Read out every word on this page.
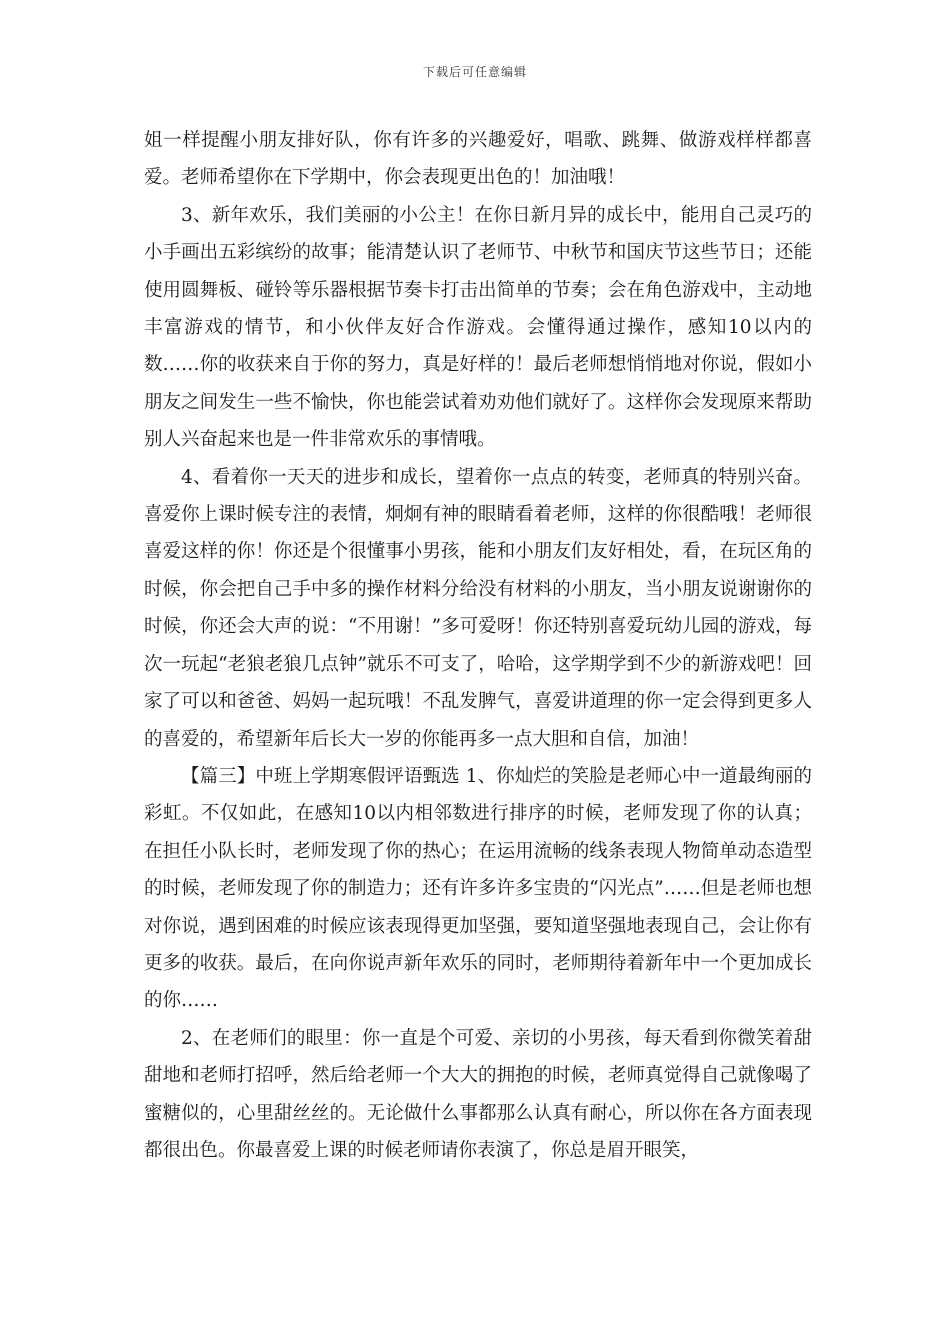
下载后可任意编辑

姐一样提醒小朋友排好队，你有许多的兴趣爱好，唱歌、跳舞、做游戏样样都喜爱。老师希望你在下学期中，你会表现更出色的！加油哦！

3、新年欢乐，我们美丽的小公主！在你日新月异的成长中，能用自己灵巧的小手画出五彩缤纷的故事；能清楚认识了老师节、中秋节和国庆节这些节日；还能使用圆舞板、碰铃等乐器根据节奏卡打击出简单的节奏；会在角色游戏中，主动地丰富游戏的情节，和小伙伴友好合作游戏。会懂得通过操作，感知10以内的数……你的收获来自于你的努力，真是好样的！最后老师想悄悄地对你说，假如小朋友之间发生一些不愉快，你也能尝试着劝劝他们就好了。这样你会发现原来帮助别人兴奋起来也是一件非常欢乐的事情哦。

4、看着你一天天的进步和成长，望着你一点点的转变，老师真的特别兴奋。喜爱你上课时候专注的表情，炯炯有神的眼睛看着老师，这样的你很酷哦！老师很喜爱这样的你！你还是个很懂事小男孩，能和小朋友们友好相处，看，在玩区角的时候，你会把自己手中多的操作材料分给没有材料的小朋友，当小朋友说谢谢你的时候，你还会大声的说：“不用谢！”多可爱呀！你还特别喜爱玩幼儿园的游戏，每次一玩起“老狼老狼几点钟”就乐不可支了，哈哈，这学期学到不少的新游戏吧！回家了可以和爸爸、妈妈一起玩哦！不乱发脾气，喜爱讲道理的你一定会得到更多人的喜爱的，希望新年后长大一岁的你能再多一点大胆和自信，加油！

【篇三】中班上学期寒假评语甄选 1、你灿烂的笑脸是老师心中一道最绚丽的彩虹。不仅如此，在感知10以内相邻数进行排序的时候，老师发现了你的认真；在担任小队长时，老师发现了你的热心；在运用流畅的线条表现人物简单动态造型的时候，老师发现了你的制造力；还有许多许多宝贵的“闪光点”……但是老师也想对你说，遇到困难的时候应该表现得更加坚强，要知道坚强地表现自己，会让你有更多的收获。最后，在向你说声新年欢乐的同时，老师期待着新年中一个更加成长的你……

2、在老师们的眼里：你一直是个可爱、亲切的小男孩，每天看到你微笑着甜甜地和老师打招呼，然后给老师一个大大的拥抱的时候，老师真觉得自己就像喝了蜜糖似的，心里甜丝丝的。无论做什么事都那么认真有耐心，所以你在各方面表现都很出色。你最喜爱上课的时候老师请你表演了，你总是眉开眼笑，
